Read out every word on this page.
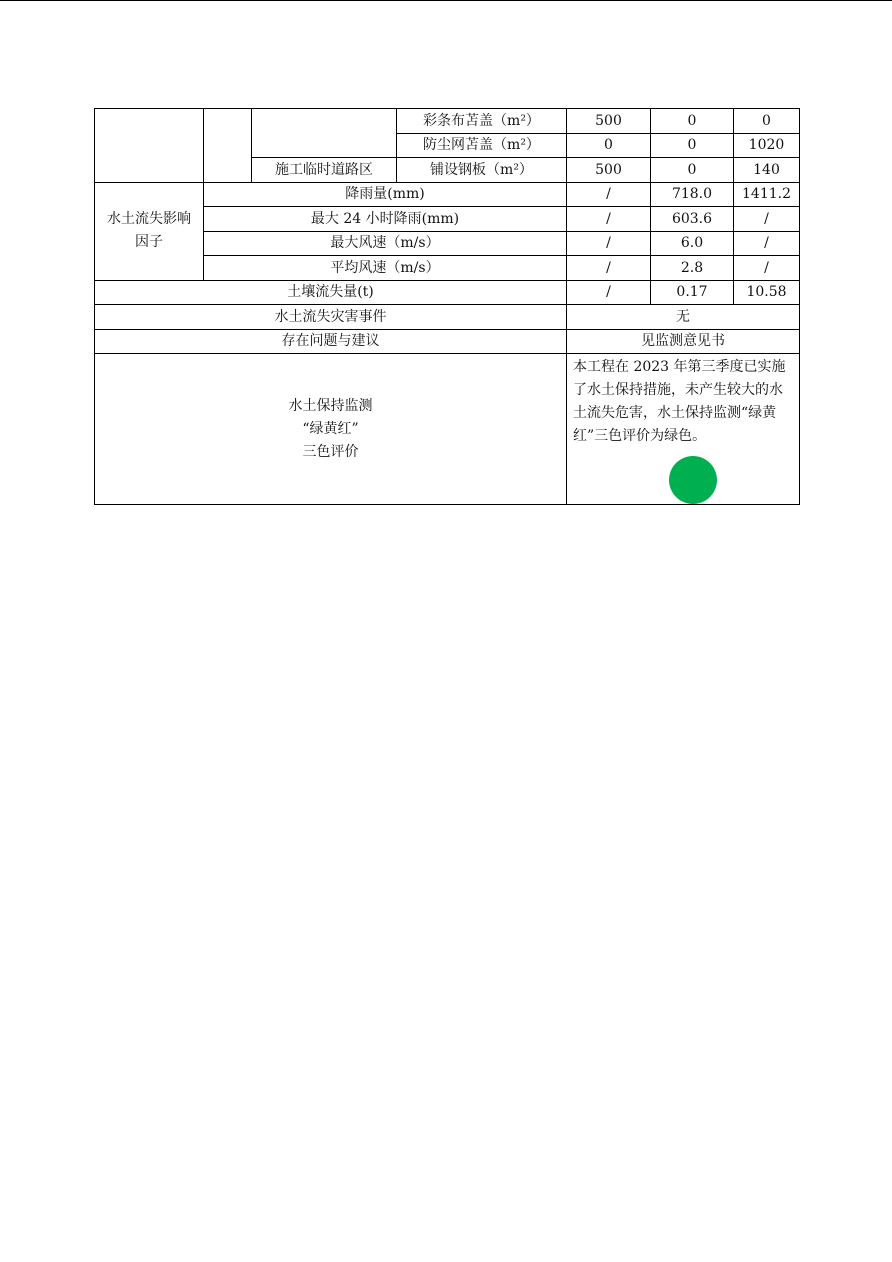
			彩条布苫盖（m²）	500	0	0
			防尘网苫盖（m²）	0	0	1020
		施工临时道路区	铺设钢板（m²）	500	0	140

水土流失影响
因子	降雨量(mm)			/	718.0	1411.2
	最大 24 小时降雨(mm)			/	603.6	/
	最大风速（m/s）			/	6.0	/
	平均风速（m/s）			/	2.8	/
土壤流失量(t)				/	0.17	10.58
水土流失灾害事件				无		
存在问题与建议				见监测意见书		

水土保持监测
“绿黄红”
三色评价				本工程在 2023 年第三季度已实施了水土保持措施，未产生较大的水土流失危害，水土保持监测“绿黄红”三色评价为绿色。		
